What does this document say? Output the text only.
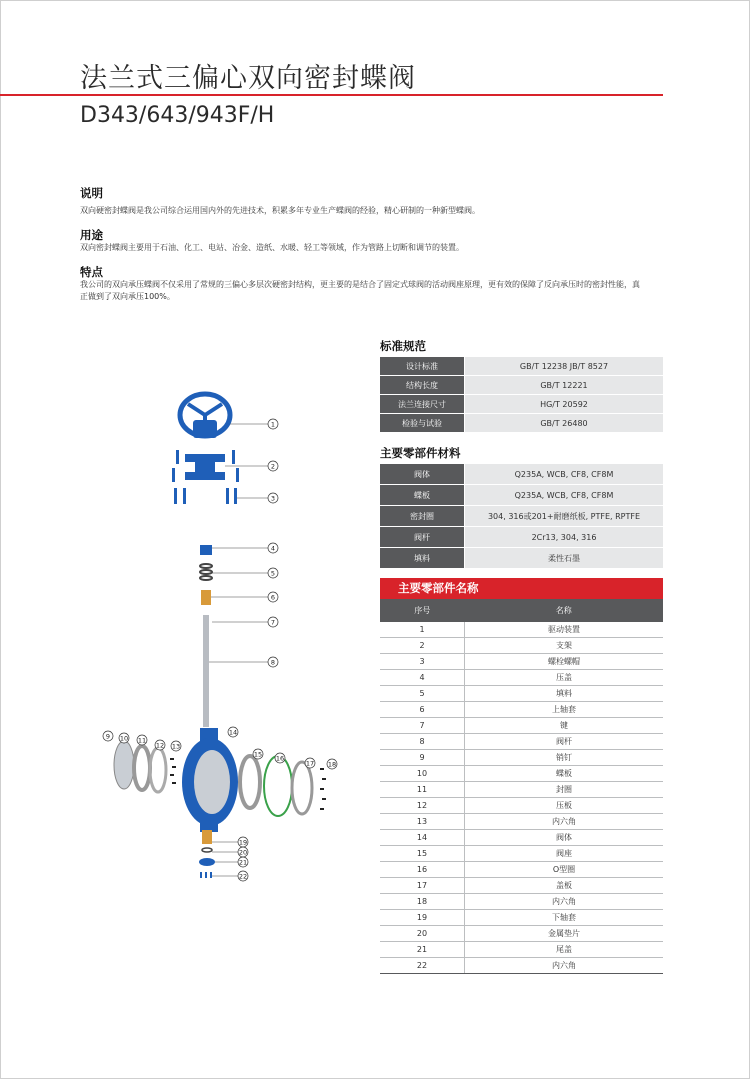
法兰式三偏心双向密封蝶阀
D343/643/943F/H
说明
双向硬密封蝶阀是我公司综合运用国内外的先进技术，积累多年专业生产蝶阀的经验，精心研制的一种新型蝶阀。
用途
双向密封蝶阀主要用于石油、化工、电站、冶金、造纸、水暖、轻工等领域，作为管路上切断和调节的装置。
特点
我公司的双向承压蝶阀不仅采用了常规的三偏心多层次硬密封结构，更主要的是结合了固定式球阀的活动阀座原理，更有效的保障了反向承压时的密封性能，真正做到了双向承压100%。
标准规范
设计标准	GB/T 12238 JB/T 8527
结构长度	GB/T 12221
法兰连接尺寸	HG/T 20592
检验与试验	GB/T 26480
主要零部件材料
阀体	Q235A, WCB, CF8, CF8M
蝶板	Q235A, WCB, CF8, CF8M
密封圈	304, 316或201+耐磨纸板, PTFE, RPTFE
阀杆	2Cr13, 304, 316
填料	柔性石墨
主要零部件名称
序号	名称
1	驱动装置
2	支架
3	螺栓螺帽
4	压盖
5	填料
6	上轴套
7	键
8	阀杆
9	销钉
10	蝶板
11	封圈
12	压板
13	内六角
14	阀体
15	阀座
16	O型圈
17	盖板
18	内六角
19	下轴套
20	金属垫片
21	尾盖
22	内六角
1
2
3
4
5
6
7
8
9 10 11
12 13
14
15 16
17 18
19
20
21
22
